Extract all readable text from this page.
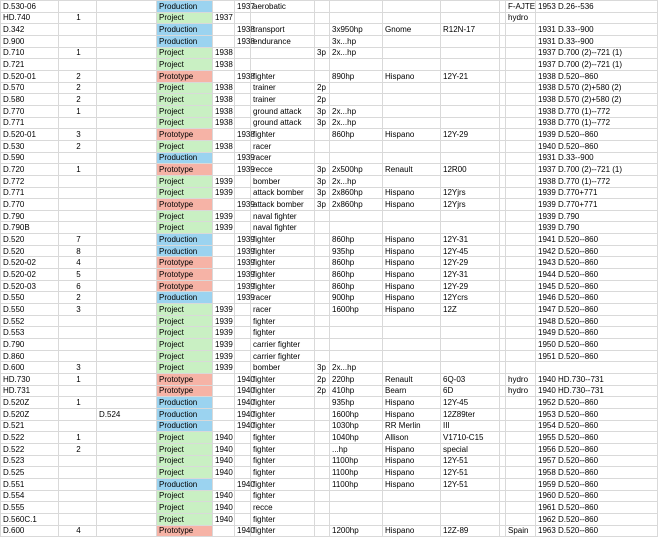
D.530-06			Production		1937	aerobatic						F-AJTE	1953 D.26--536
HD.740	1		Project	1937								hydro	
D.342			Production		1938	transport		3x950hp	Gnome	R12N-17			1931 D.33--900
D.900			Production		1938	endurance		3x...hp					1931 D.33--900
D.710	1		Project	1938			3p	2x...hp					1937 D.700 (2)--721 (1)
D.721			Project	1938									1937 D.700 (2)--721 (1)
D.520-01	2		Prototype		1938	fighter		890hp	Hispano	12Y-21			1938 D.520--860
D.570	2		Project	1938		trainer	2p						1938 D.570 (2)+580 (2)
D.580	2		Project	1938		trainer	2p						1938 D.570 (2)+580 (2)
D.770	1		Project	1938		ground attack	3p	2x...hp					1938 D.770 (1)--772
D.771			Project	1938		ground attack	3p	2x...hp					1938 D.770 (1)--772
D.520-01	3		Prototype		1938	fighter		860hp	Hispano	12Y-29			1939 D.520--860
D.530	2		Project	1938		racer							1940 D.520--860
D.590			Production		1939	racer							1931 D.33--900
D.720	1		Prototype		1939	recce	3p	2x500hp	Renault	12R00			1937 D.700 (2)--721 (1)
D.772			Project	1939		bomber	3p	2x...hp					1938 D.770 (1)--772
D.771			Project	1939		attack bomber	3p	2x860hp	Hispano	12Yjrs			1939 D.770+771
D.770			Prototype		1939	attack bomber	3p	2x860hp	Hispano	12Yjrs			1939 D.770+771
D.790			Project	1939		naval fighter							1939 D.790
D.790B			Project	1939		naval fighter							1939 D.790
D.520	7		Production		1939	fighter		860hp	Hispano	12Y-31			1941 D.520--860
D.520	8		Production		1939	fighter		935hp	Hispano	12Y-45			1942 D.520--860
D.520-02	4		Prototype		1939	fighter		860hp	Hispano	12Y-29			1943 D.520--860
D.520-02	5		Prototype		1939	fighter		860hp	Hispano	12Y-31			1944 D.520--860
D.520-03	6		Prototype		1939	fighter		860hp	Hispano	12Y-29			1945 D.520--860
D.550	2		Production		1939	racer		900hp	Hispano	12Ycrs			1946 D.520--860
D.550	3		Project	1939		racer		1600hp	Hispano	12Z			1947 D.520--860
D.552			Project	1939		fighter							1948 D.520--860
D.553			Project	1939		fighter							1949 D.520--860
D.790			Project	1939		carrier fighter							1950 D.520--860
D.860			Project	1939		carrier fighter							1951 D.520--860
D.600	3		Project	1939		bomber	3p	2x...hp					
HD.730	1		Prototype		1940	fighter	2p	220hp	Renault	6Q-03		hydro	1940 HD.730--731
HD.731			Prototype		1940	fighter	2p	410hp	Bearn	6D		hydro	1940 HD.730--731
D.520Z	1		Production		1940	fighter		935hp	Hispano	12Y-45			1952 D.520--860
D.520Z		D.524	Production		1940	fighter		1600hp	Hispano	12Z89ter			1953 D.520--860
D.521			Production		1940	fighter		1030hp	RR Merlin	III			1954 D.520--860
D.522	1		Project	1940		fighter		1040hp	Allison	V1710-C15			1955 D.520--860
D.522	2		Project	1940		fighter		...hp	Hispano	special			1956 D.520--860
D.523			Project	1940		fighter		1100hp	Hispano	12Y-51			1957 D.520--860
D.525			Project	1940		fighter		1100hp	Hispano	12Y-51			1958 D.520--860
D.551			Production		1940	fighter		1100hp	Hispano	12Y-51			1959 D.520--860
D.554			Project	1940		fighter							1960 D.520--860
D.555			Project	1940		recce							1961 D.520--860
D.560C.1			Project	1940		fighter							1962 D.520--860
D.600	4		Prototype		1940	fighter		1200hp	Hispano	12Z-89		Spain	1963 D.520--860
